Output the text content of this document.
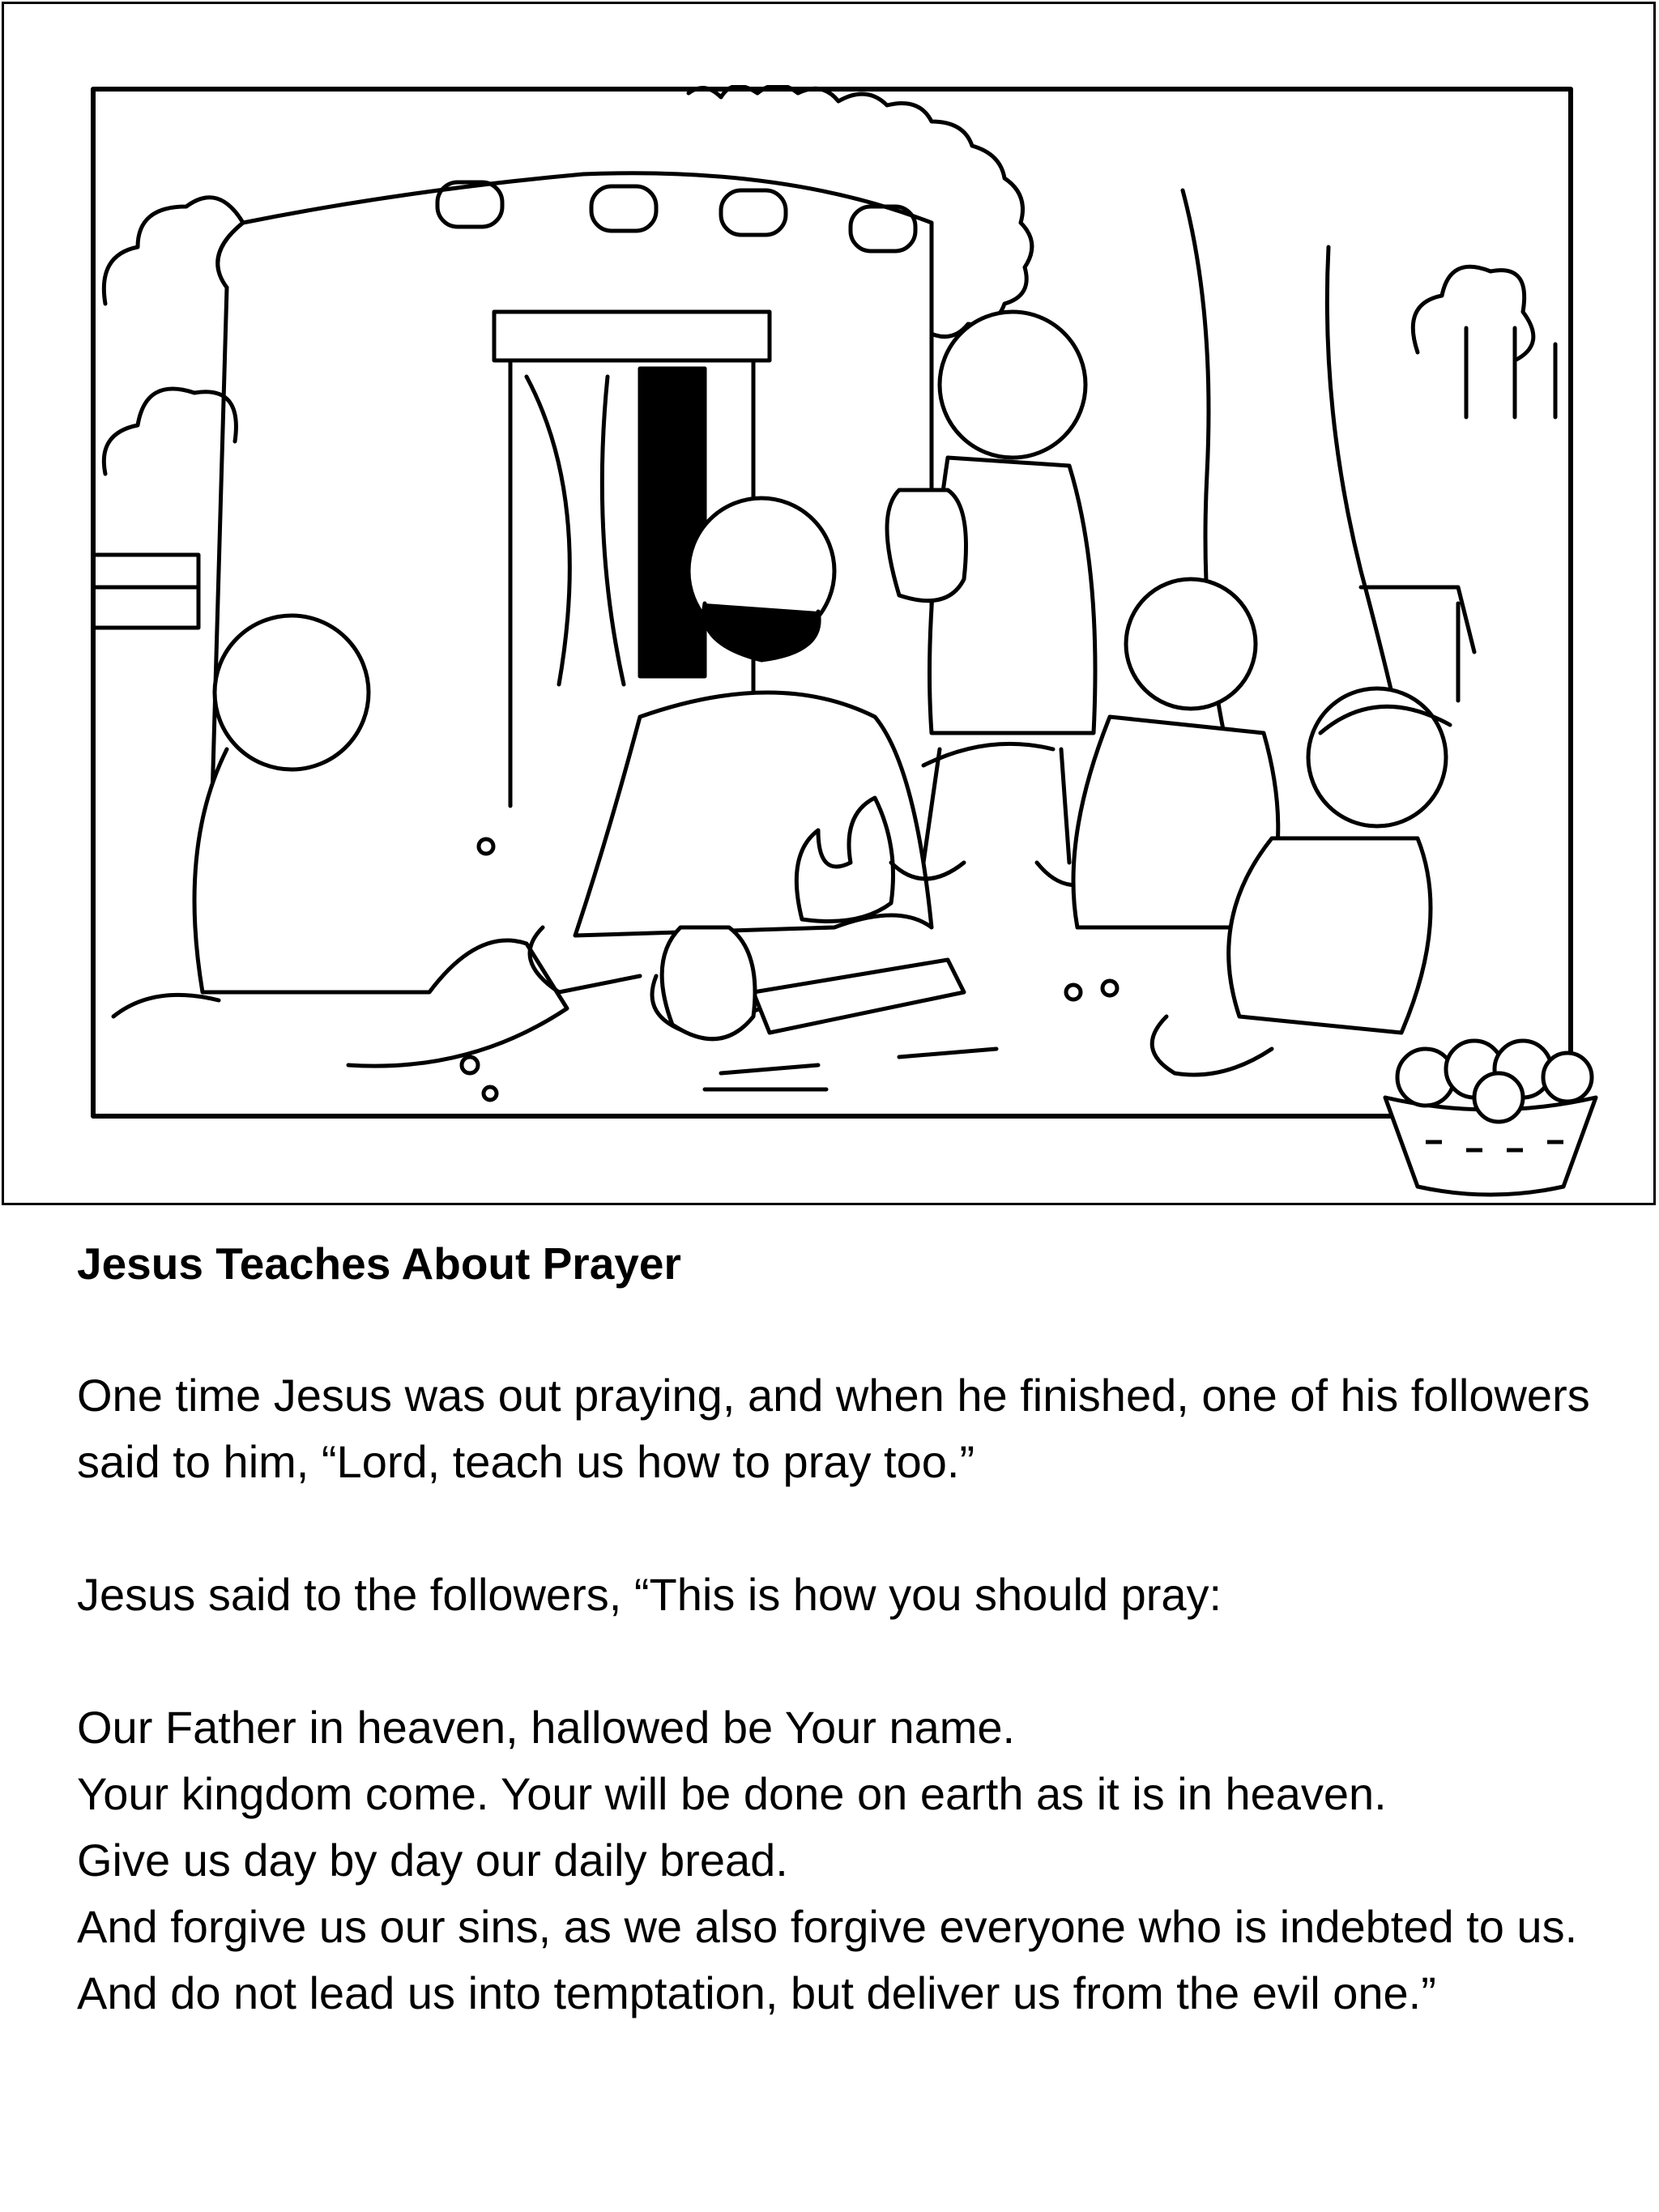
Jesus Teaches About Prayer

One time Jesus was out praying, and when he finished, one of his followers said to him, “Lord, teach us how to pray too.”

Jesus said to the followers, “This is how you should pray:

Our Father in heaven, hallowed be Your name.

Your kingdom come. Your will be done on earth as it is in heaven.

Give us day by day our daily bread.

And forgive us our sins, as we also forgive everyone who is indebted to us.

And do not lead us into temptation, but deliver us from the evil one.”
